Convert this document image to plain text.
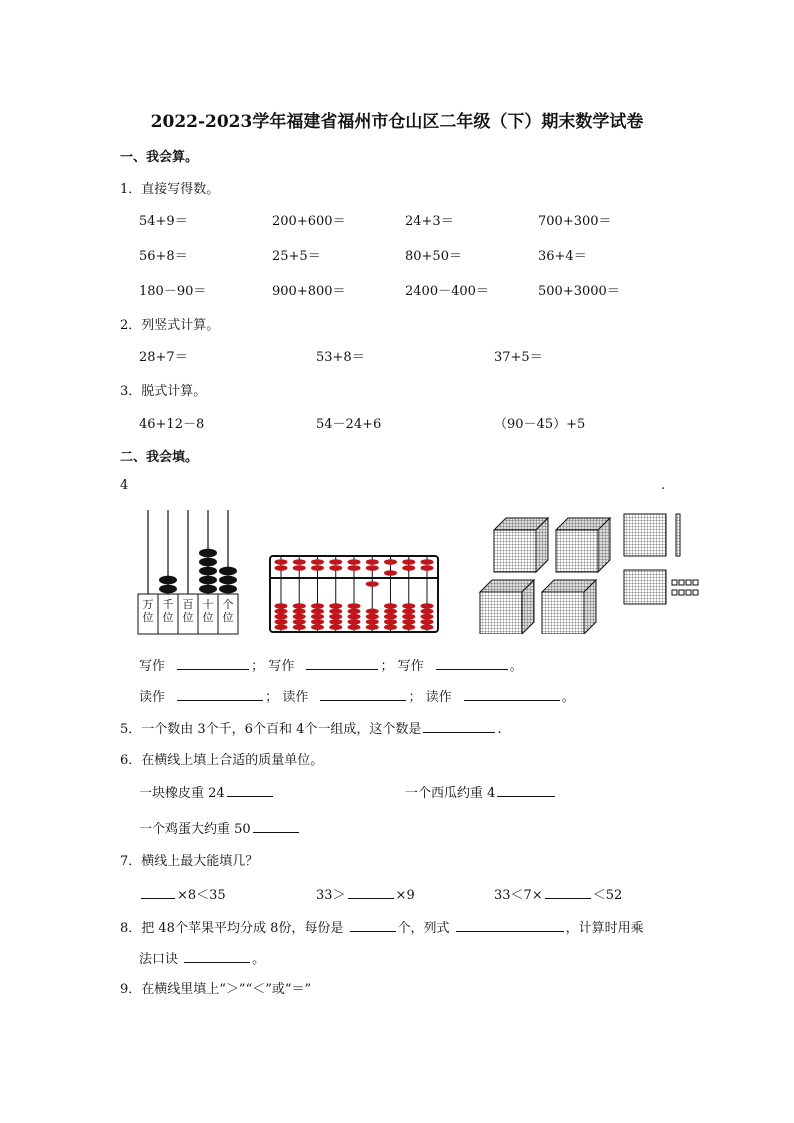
2022-2023学年福建省福州市仓山区二年级（下）期末数学试卷
一、我会算。
1．直接写得数。
54+9＝	200+600＝	24+3＝	700+300＝
56+8＝	25+5＝	80+50＝	36+4＝
180－90＝	900+800＝	2400－400＝	500+3000＝
2．列竖式计算。
28+7＝	53+8＝	37+5＝
3．脱式计算。
46+12－8	54－24+6	（90－45）+5
二、我会填。
4	.
万位
千位
百位
十位
个位
写作	； 写作	； 写作	。
读作	； 读作	； 读作	。
5．一个数由 3个千，6个百和 4个一组成，这个数是	.
6．在横线上填上合适的质量单位。
一块橡皮重 24	一个西瓜约重 4
一个鸡蛋大约重 50
7．横线上最大能填几？
×8＜35	33＞	×9	33＜7×	＜52
8．把 48个苹果平均分成 8份，每份是	个，列式	，计算时用乘
法口诀	。
9．在横线里填上“＞”“＜”或“＝”
